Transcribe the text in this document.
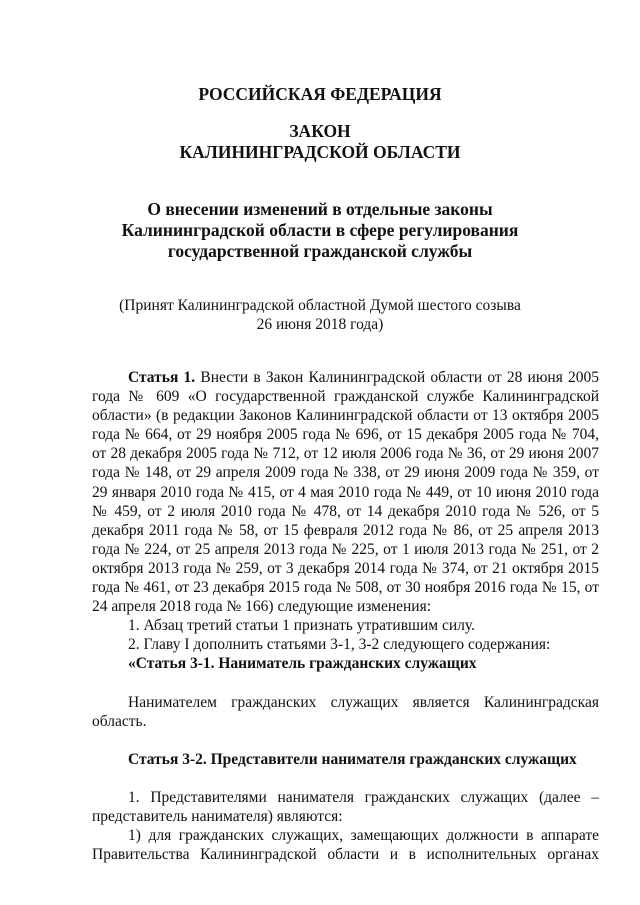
РОССИЙСКАЯ ФЕДЕРАЦИЯ
ЗАКОН
КАЛИНИНГРАДСКОЙ ОБЛАСТИ
О внесении изменений в отдельные законы
Калининградской области в сфере регулирования
государственной гражданской службы
(Принят Калининградской областной Думой шестого созыва
26 июня 2018 года)

Статья 1. Внести в Закон Калининградской области от 28 июня 2005 года № 609 «О государственной гражданской службе Калининградской области» (в редакции Законов Калининградской области от 13 октября 2005 года № 664, от 29 ноября 2005 года № 696, от 15 декабря 2005 года № 704, от 28 декабря 2005 года № 712, от 12 июля 2006 года № 36, от 29 июня 2007 года № 148, от 29 апреля 2009 года № 338, от 29 июня 2009 года № 359, от 29 января 2010 года № 415, от 4 мая 2010 года № 449, от 10 июня 2010 года № 459, от 2 июля 2010 года № 478, от 14 декабря 2010 года № 526, от 5 декабря 2011 года № 58, от 15 февраля 2012 года № 86, от 25 апреля 2013 года № 224, от 25 апреля 2013 года № 225, от 1 июля 2013 года № 251, от 2 октября 2013 года № 259, от 3 декабря 2014 года № 374, от 21 октября 2015 года № 461, от 23 декабря 2015 года № 508, от 30 ноября 2016 года № 15, от 24 апреля 2018 года № 166) следующие изменения:

1. Абзац третий статьи 1 признать утратившим силу.

2. Главу I дополнить статьями 3-1, 3-2 следующего содержания:

«Статья 3-1. Наниматель гражданских служащих

Нанимателем гражданских служащих является Калининградская область.

Статья 3-2. Представители нанимателя гражданских служащих

1. Представителями нанимателя гражданских служащих (далее – представитель нанимателя) являются:

1) для гражданских служащих, замещающих должности в аппарате Правительства Калининградской области и в исполнительных органах
